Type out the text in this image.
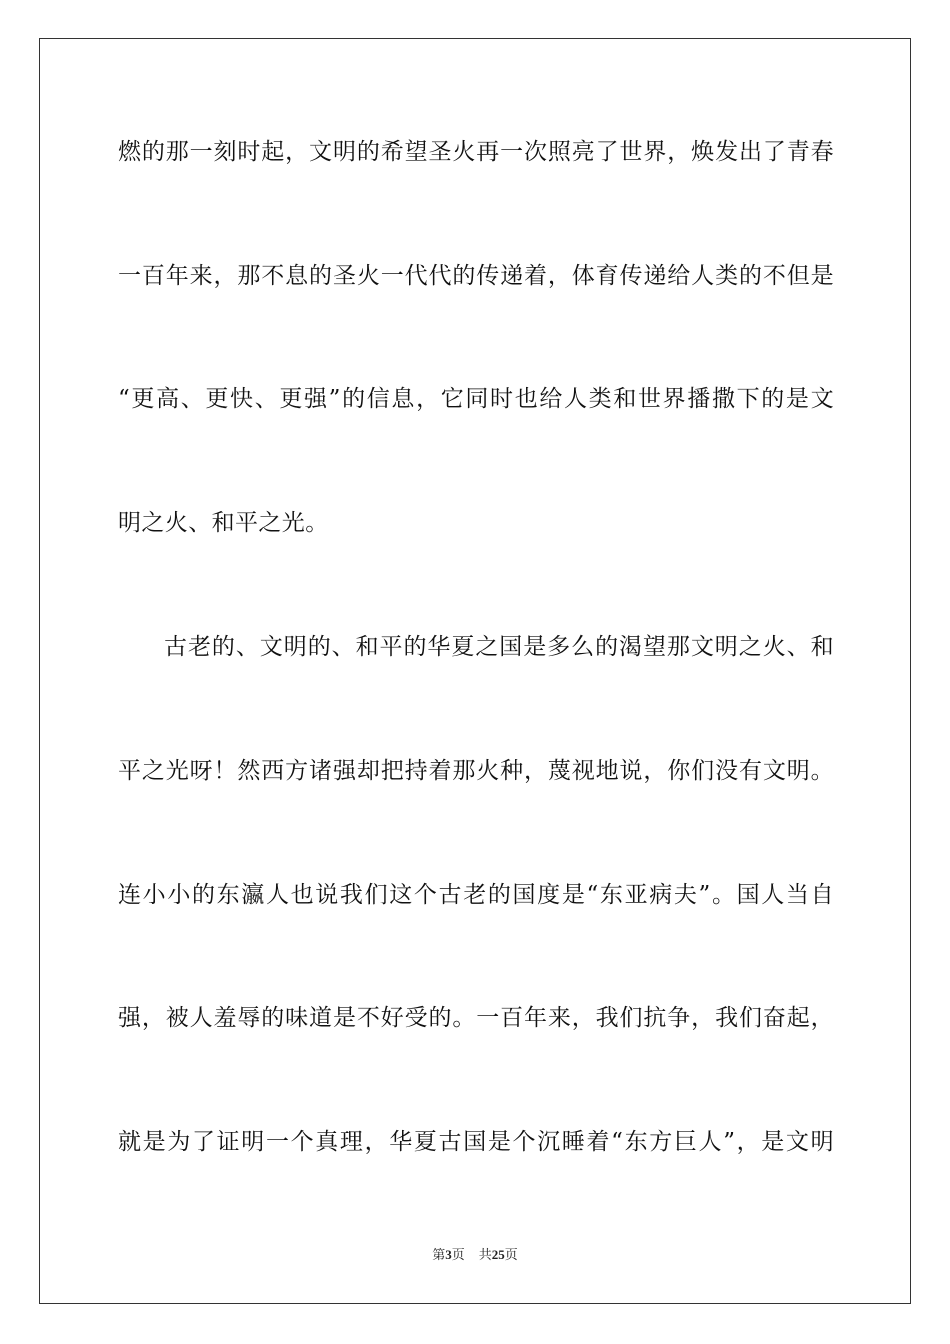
燃的那一刻时起，文明的希望圣火再一次照亮了世界，焕发出了青春
一百年来，那不息的圣火一代代的传递着，体育传递给人类的不但是
“更高、更快、更强”的信息，它同时也给人类和世界播撒下的是文
明之火、和平之光。
古老的、文明的、和平的华夏之国是多么的渴望那文明之火、和
平之光呀！然西方诸强却把持着那火种，蔑视地说，你们没有文明。
连小小的东瀛人也说我们这个古老的国度是“东亚病夫”。国人当自
强，被人羞辱的味道是不好受的。一百年来，我们抗争，我们奋起，
就是为了证明一个真理，华夏古国是个沉睡着“东方巨人”，是文明
第3页 共25页
